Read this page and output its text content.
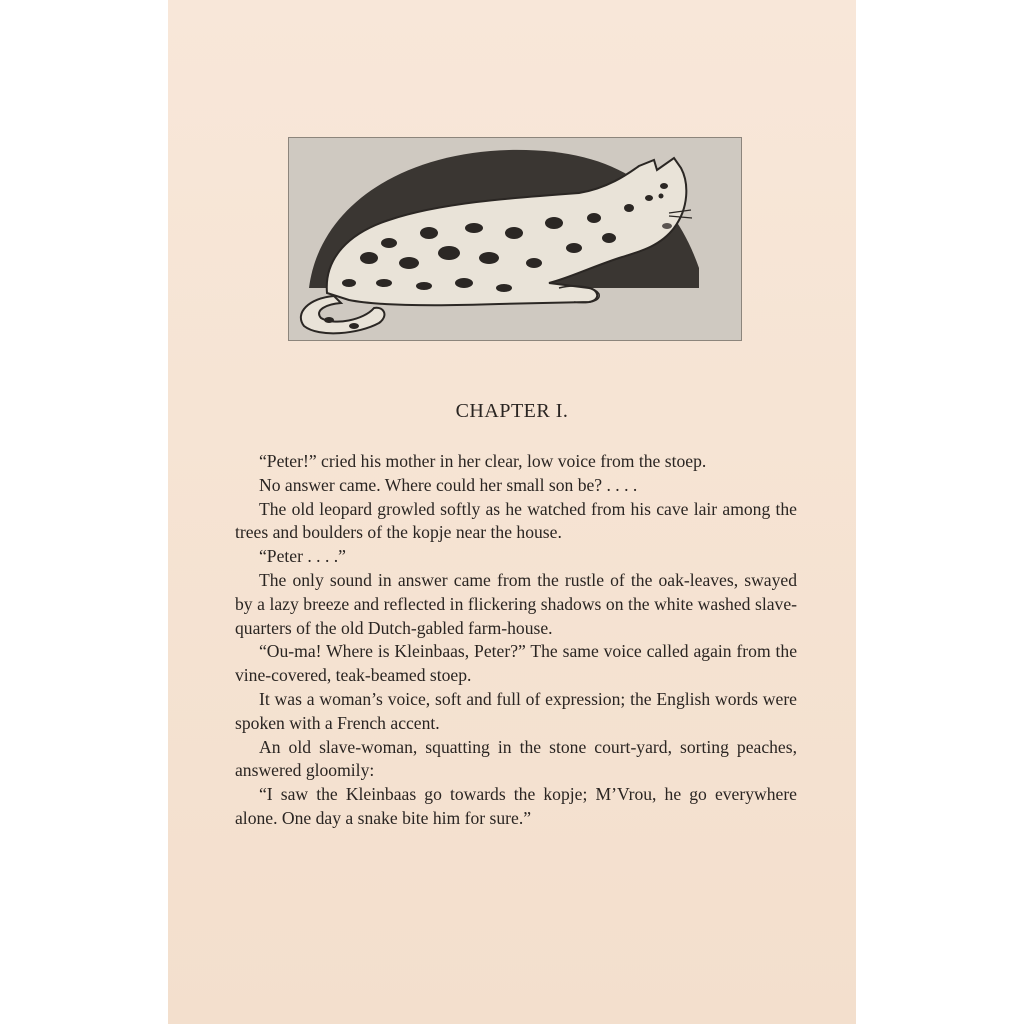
CHAPTER I.

“Peter!” cried his mother in her clear, low voice from the stoep.

No answer came. Where could her small son be? . . . .

The old leopard growled softly as he watched from his cave lair among the trees and boulders of the kopje near the house.

“Peter . . . .”

The only sound in answer came from the rustle of the oak-leaves, swayed by a lazy breeze and reflected in flickering shadows on the white washed slave-quarters of the old Dutch-gabled farm-house.

“Ou-ma! Where is Kleinbaas, Peter?” The same voice called again from the vine-covered, teak-beamed stoep.

It was a woman’s voice, soft and full of expression; the English words were spoken with a French accent.

An old slave-woman, squatting in the stone court-yard, sorting peaches, answered gloomily:

“I saw the Kleinbaas go towards the kopje; M’Vrou, he go everywhere alone. One day a snake bite him for sure.”
